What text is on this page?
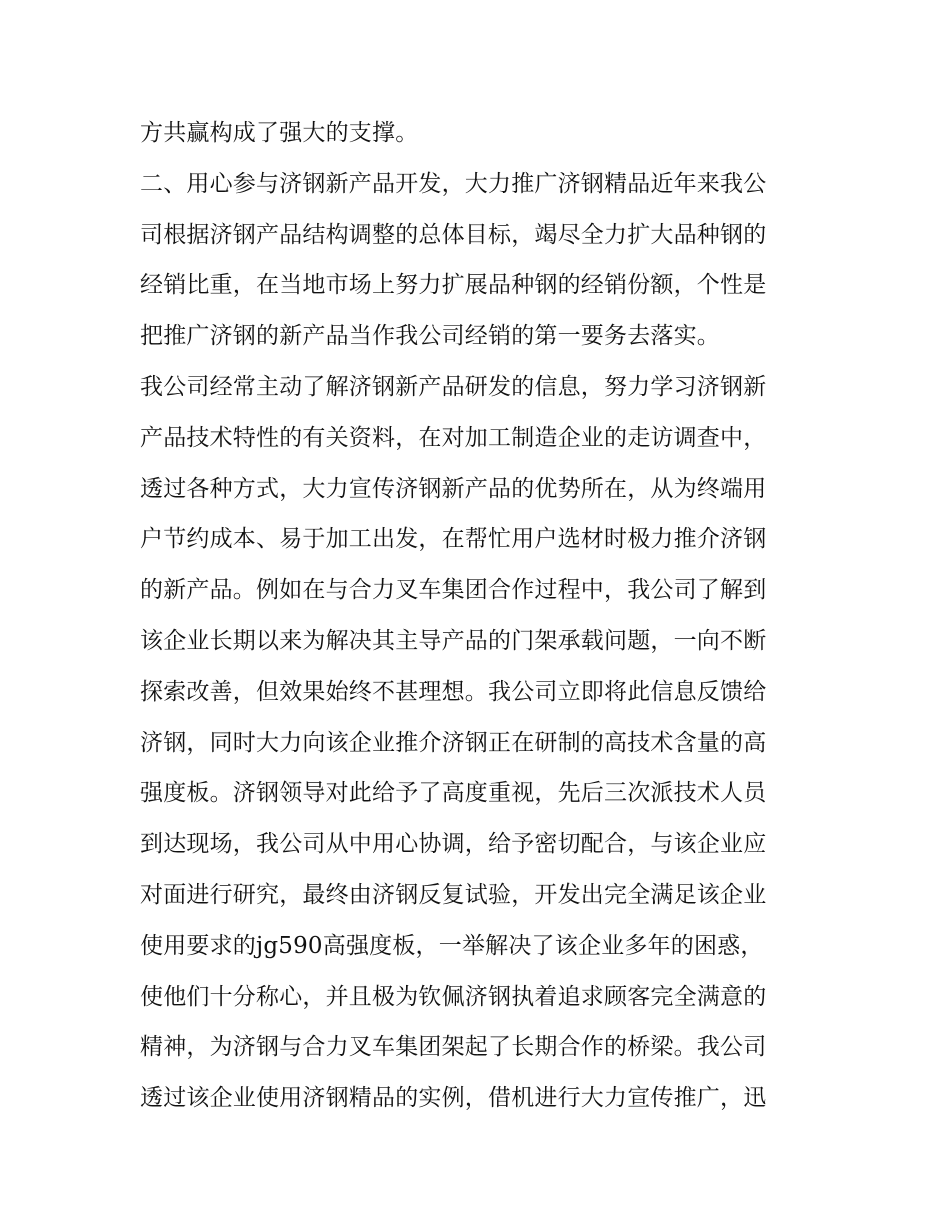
方共赢构成了强大的支撑。
二、用心参与济钢新产品开发，大力推广济钢精品近年来我公
司根据济钢产品结构调整的总体目标，竭尽全力扩大品种钢的
经销比重，在当地市场上努力扩展品种钢的经销份额，个性是
把推广济钢的新产品当作我公司经销的第一要务去落实。
我公司经常主动了解济钢新产品研发的信息，努力学习济钢新
产品技术特性的有关资料，在对加工制造企业的走访调查中，
透过各种方式，大力宣传济钢新产品的优势所在，从为终端用
户节约成本、易于加工出发，在帮忙用户选材时极力推介济钢
的新产品。例如在与合力叉车集团合作过程中，我公司了解到
该企业长期以来为解决其主导产品的门架承载问题，一向不断
探索改善，但效果始终不甚理想。我公司立即将此信息反馈给
济钢，同时大力向该企业推介济钢正在研制的高技术含量的高
强度板。济钢领导对此给予了高度重视，先后三次派技术人员
到达现场，我公司从中用心协调，给予密切配合，与该企业应
对面进行研究，最终由济钢反复试验，开发出完全满足该企业
使用要求的jg590高强度板，一举解决了该企业多年的困惑，
使他们十分称心，并且极为钦佩济钢执着追求顾客完全满意的
精神，为济钢与合力叉车集团架起了长期合作的桥梁。我公司
透过该企业使用济钢精品的实例，借机进行大力宣传推广，迅
